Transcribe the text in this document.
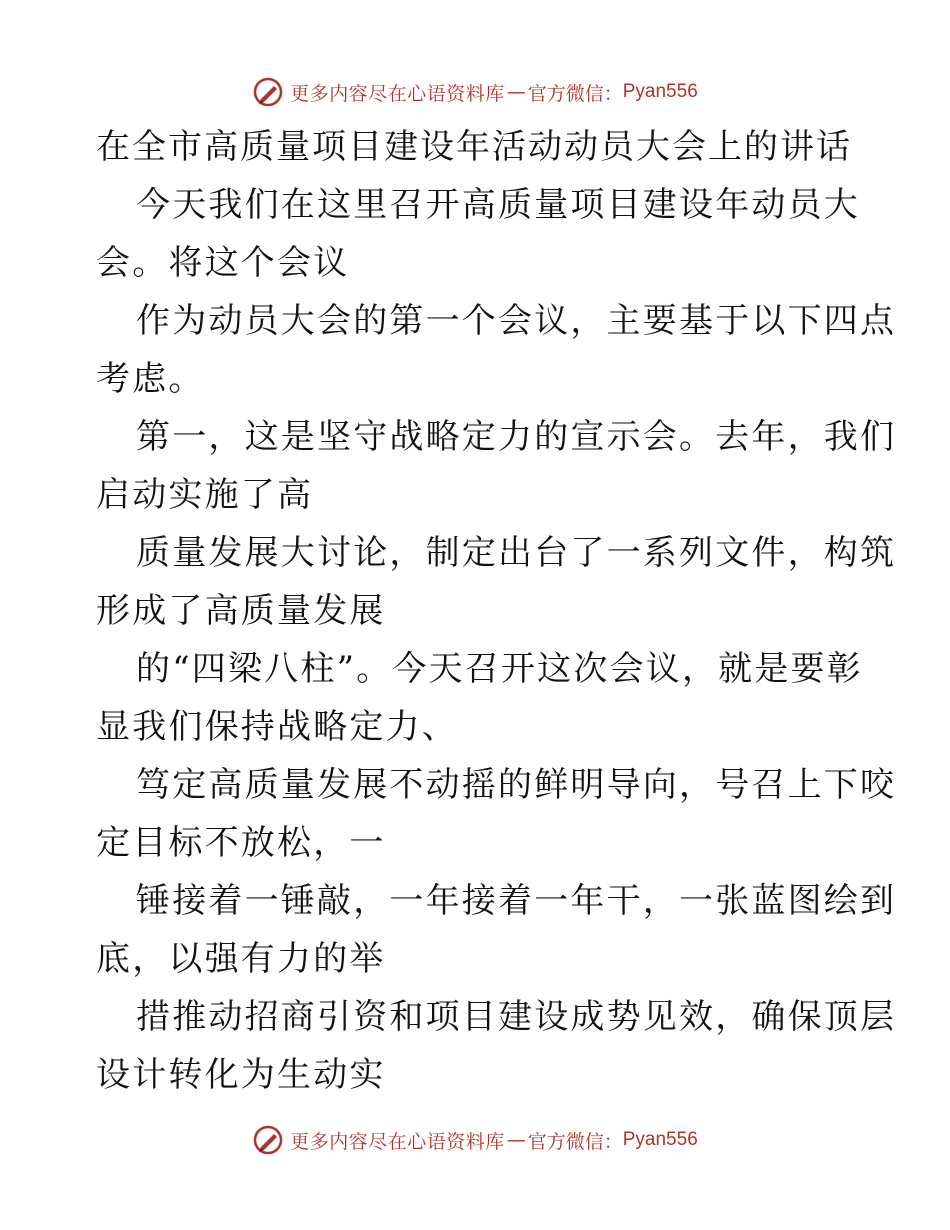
更多内容尽在心语资料库 — 官方微信： Pyan556
在全市高质量项目建设年活动动员大会上的讲话
今天我们在这里召开高质量项目建设年动员大
会。将这个会议
作为动员大会的第一个会议，主要基于以下四点
考虑。
第一，这是坚守战略定力的宣示会。去年，我们
启动实施了高
质量发展大讨论，制定出台了一系列文件，构筑
形成了高质量发展
的“四梁八柱”。今天召开这次会议，就是要彰
显我们保持战略定力、
笃定高质量发展不动摇的鲜明导向，号召上下咬
定目标不放松，一
锤接着一锤敲，一年接着一年干，一张蓝图绘到
底，以强有力的举
措推动招商引资和项目建设成势见效，确保顶层
设计转化为生动实
更多内容尽在心语资料库 — 官方微信： Pyan556
